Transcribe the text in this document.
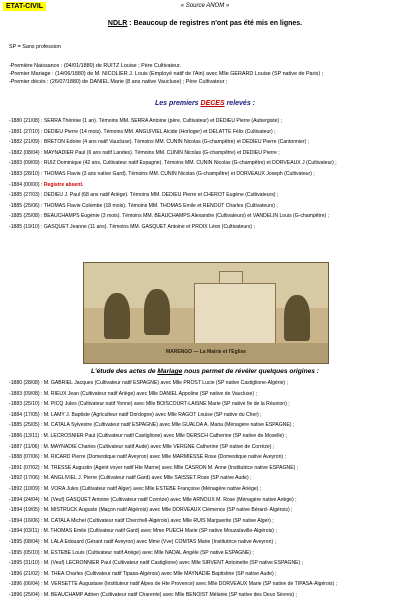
ETAT-CIVIL	« Source ANOM »
NDLR : Beaucoup de registres n'ont pas été mis en lignes.
SP = Sans profession
-Première Naissance : (04/01/1880) de RUITZ Louise ; Père Cultivateur.
-Premier Mariage : (14/06/1880) de M. NICOLIER J. Louis (Employé natif de l'Ain) avec Mlle GERARD Louise (SP native de Paris) ;
-Premier décès : (26/07/1880) de DANIEL Marie (8 ans native Vaucluse) ; Père Cultivateur ;
Les premiers DECES relevés :
-1880 (21/08) : SERRA Thérèse (1 an). Témoins MM. SERRA Antoine (père, Cultivateur) et DEDIEU Pierre (Aubergiste) ;
-1881 (27/10) : DEDIEU Pierre (14 mois). Témoins MM. ANGUIVIEL Alcide (Horloger) et DELATTE Félix (Cultivateur) ;
-1882 (21/09) : BRETON Edoire (4 ans natif Vaucluse). Témoins MM. CUNIN Nicolas (G-champêtre) et DEDIEU Pierre (Cantonnier) ;
-1882 (08/04) : MAYNADIER Paul (6 ans natif Landes). Témoins MM. CUNIN Nicolas (G-champêtre) et DEDIEU Pierre ;
-1883 (09/09) : RUIZ Dominique (42 ans, Cultivateur natif Espagne). Témoins MM. CUNIN Nicolas (G-champêtre) et DORVEAUX J (Cultivateur) ;
-1883 (28/10) : THOMAS Flavie (3 ans native Gard). Témoins MM. CUNIN Nicolas (G-champêtre) et DORVEAUX Joseph (Cultivateur) ;
-1884 (00/00) : Registre absent.
-1885 (27/03) : DEDIEU J. Paul (68 ans natif Ariège). Témoins MM. DEDIEU Pierre et CHEROT Eugène (Cultivateurs) ;
-1885 (25/06) : THOMAS Flavie Colombe (18 mois). Témoins MM. THOMAS Emile et RENOUT Charles (Cultivateurs) ;
-1885 (25/08) : BEAUCHAMPS Eugénie (3 mois). Témoins MM. BEAUCHAMPS Alexandre (Cultivateurs) et VANDELIN Louis (G-champêtre) ;
-1885 (19/10) : GASQUET Jeanne (11 ans). Témoins MM. GASQUET Antoine et PROIX Léon (Cultivateurs) ;
MARENGO — La Mairie et l'Eglise
L'étude des actes de Mariage nous permet de révéler quelques origines :
-1880 (28/08) : M. GABRIEL Jacques (Cultivateur natif ESPAGNE) avec Mlle PROST Lucie (SP native Castiglione-Algérie) ;
-1883 (09/08) : M. RIEUX Jean (Cultivateur natif Ariège) avec Mlle DANIEL Appoline (SP native de Vaucluse) ;
-1883 (25/10) : M. PICQ Jules (Cultivateur natif Yonne) avec Mlle BOISCOURT-LAISNE Marie (SP native Ile de la Réunion) ;
-1884 (17/05) : M. LAMY J. Baptiste (Agriculteur natif Dordogne) avec Mlle RAGOT Louise (SP native du Cher) ;
-1885 (25/05) : M. CATALA Sylvestre (Cultivateur natif ESPAGNE) avec Mlle GUALDA A. Maria (Ménagère native ESPAGNE) ;
-1886 (13/11) : M. LECROSNIER Paul (Cultivateur natif Castiglione) avec Mlle DERSCH Catherine (SP native de Moselle) ;
-1887 (11/06) : M. MAYNADIE Charles (Cultivateur natif Aude) avec Mlle VERGNE Catherine (SP native de Corrèze) ;
-1888 (07/06) : M. RICARD Pierre (Domestique natif Aveyron) avec Mlle MARMIESSE Rose (Domestique native Aveyron) ;
-1891 (07/02) : M. TRESSE Augustin (Agent voyer natif Hte Marne) avec Mlle CASRON M. Anne (Institutrice native ESPAGNE) ;
-1892 (17/06) : M. ANGLIVIEL J. Pierre (Cultivateur natif Gard) avec Mlle SAISSET Rose (SP native Aude) ;
-1892 (10/09) : M. VORA Jules (Cultivateur natif Alger) avec Mlle ESTEBE Françoise (Ménagère native Ariège) ;
-1894 (24/04) : M. (Veuf) GASQUET Antoine (Cultivateur natif Corrèze) avec Mlle ARNOUX M. Rose (Ménagère native Ariège) ;
-1894 (19/05) : M. MISTRUCK Auguste (Maçon natif Algérois) avec Mlle DORVEAUX Clémence (SP native Bérard- Algérois) ;
-1894 (16/06) : M. CATALA Michel (Cultivateur natif Cherchell-Algérois) avec Mlle RUIS Marguerite (SP native Alger) ;
-1894 (03/11) : M. THOMAS Emile (Cultivateur natif Gard) avec Mme PUECH Marie (SP native Mouzaïaville-Algérois) ;
-1895 (08/04) : M. LALA Edouard (Gérant natif Aveyron) avec Mme (Vve) COMTAS Marie (Institutrice native Aveyron) ;
-1895 (05/10) : M. ESTEBE Louis (Cultivateur natif Ariège) avec Mlle NADAL Angèle (SP native ESPAGNE) ;
-1895 (31/10) : M. (Veuf) LECRONNIER Paul (Cultivateur natif Castiglione) avec Mlle SIRVENT Antoinette (SP native ESPAGNE) ;
-1896 (21/02) : M. THEA Charles (Cultivateur natif Tipasa-Algérois) avec Mlle MAYNADIE Baptistine (SP native Aude) ;
-1896 (06/04) : M. VERSETTE Augustave (Instituteur natif Alpes de Hte Provence) avec Mlle DORVEAUX Marie (SP native de TIPASA-Algérois) ;
-1896 (25/04) : M. BEAUCHAMP Adrien (Cultivateur natif Charente) avec Mlle BENOIST Mélanie (SP native des Deux Sèvres) ;
